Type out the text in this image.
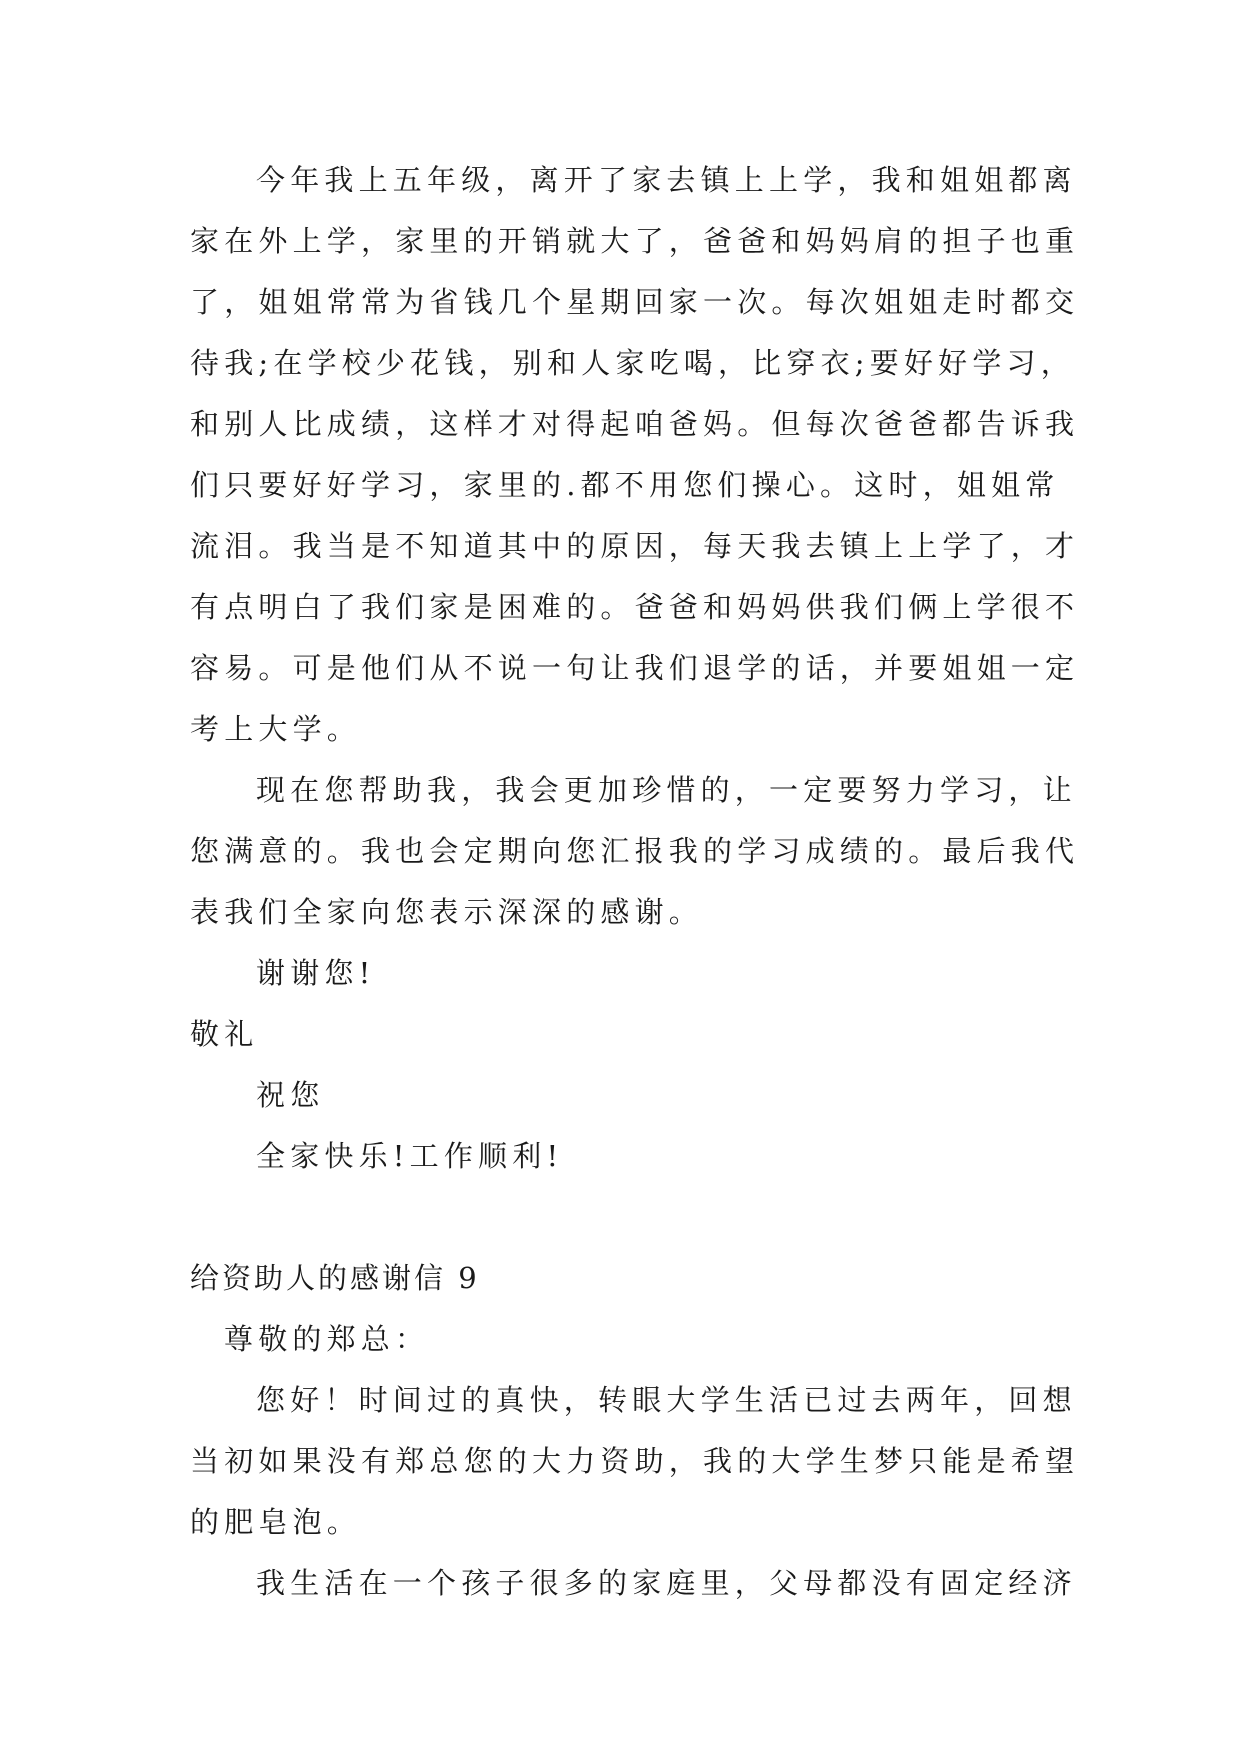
今年我上五年级，离开了家去镇上上学，我和姐姐都离
家在外上学，家里的开销就大了，爸爸和妈妈肩的担子也重
了，姐姐常常为省钱几个星期回家一次。每次姐姐走时都交
待我;在学校少花钱，别和人家吃喝，比穿衣;要好好学习，
和别人比成绩，这样才对得起咱爸妈。但每次爸爸都告诉我
们只要好好学习，家里的.都不用您们操心。这时，姐姐常
流泪。我当是不知道其中的原因，每天我去镇上上学了，才
有点明白了我们家是困难的。爸爸和妈妈供我们俩上学很不
容易。可是他们从不说一句让我们退学的话，并要姐姐一定
考上大学。
现在您帮助我，我会更加珍惜的，一定要努力学习，让
您满意的。我也会定期向您汇报我的学习成绩的。最后我代
表我们全家向您表示深深的感谢。
谢谢您!
敬礼
祝您
全家快乐!工作顺利!
给资助人的感谢信 9
尊敬的郑总：
您好！时间过的真快，转眼大学生活已过去两年，回想
当初如果没有郑总您的大力资助，我的大学生梦只能是希望
的肥皂泡。
我生活在一个孩子很多的家庭里，父母都没有固定经济
